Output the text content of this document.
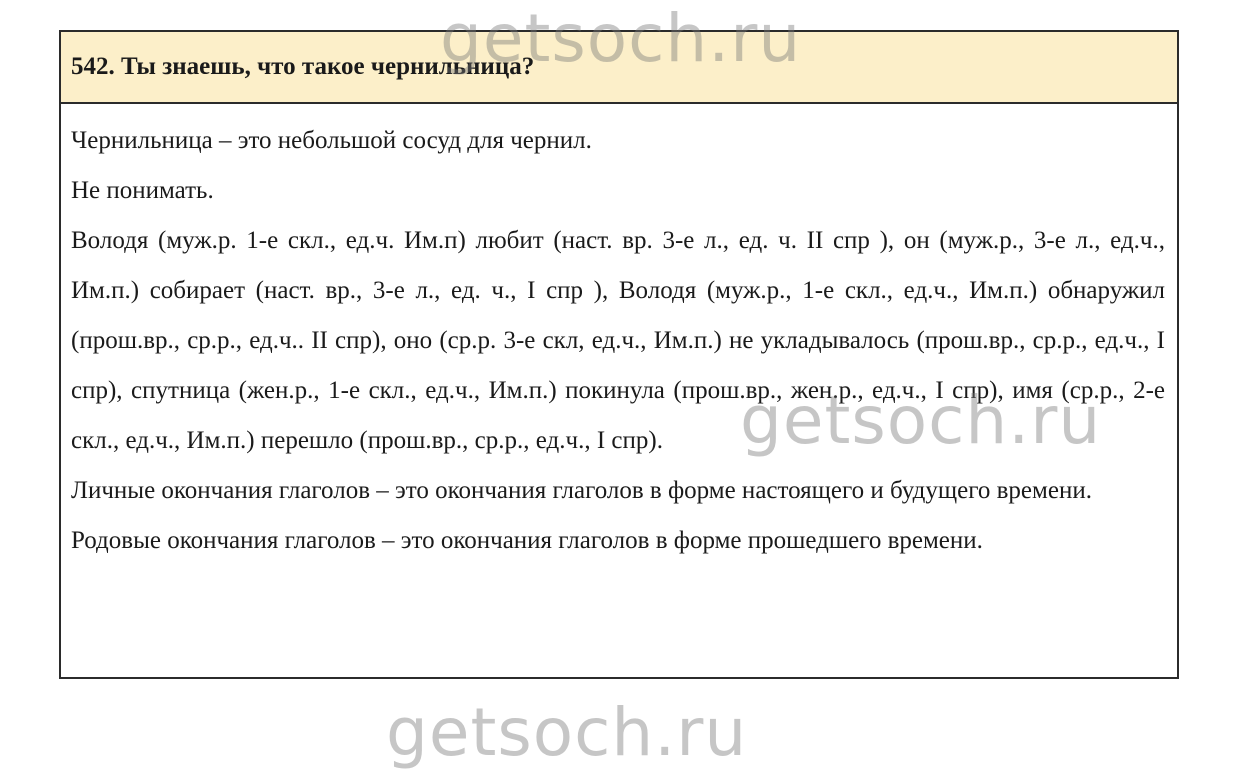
542. Ты знаешь, что такое чернильница?

Чернильница – это небольшой сосуд для чернил.

Не понимать.

Володя (муж.р. 1-е скл., ед.ч. Им.п) любит (наст. вр. 3-е л., ед. ч. II спр ), он (муж.р., 3-е л., ед.ч., Им.п.) собирает (наст. вр., 3-е л., ед. ч., I спр ), Володя (муж.р., 1-е скл., ед.ч., Им.п.) обнаружил (прош.вр., ср.р., ед.ч.. II спр), оно (ср.р. 3-е скл, ед.ч., Им.п.) не укладывалось (прош.вр., ср.р., ед.ч., I спр), спутница (жен.р., 1-е скл., ед.ч., Им.п.) покинула (прош.вр., жен.р., ед.ч., I спр), имя (ср.р., 2-е скл., ед.ч., Им.п.) перешло (прош.вр., ср.р., ед.ч., I спр).

Личные окончания глаголов – это окончания глаголов в форме настоящего и будущего времени.

Родовые окончания глаголов – это окончания глаголов в форме прошедшего времени.

getsoch.ru
getsoch.ru
getsoch.ru
